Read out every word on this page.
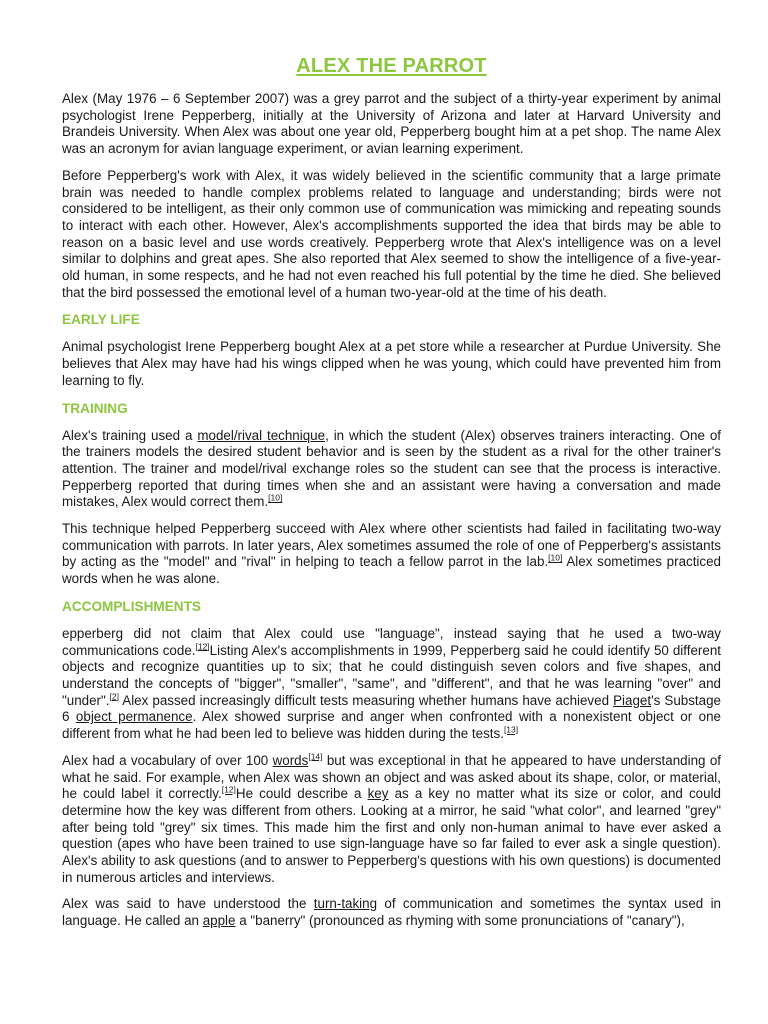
ALEX THE PARROT

Alex (May 1976 – 6 September 2007) was a grey parrot and the subject of a thirty-year experiment by animal psychologist Irene Pepperberg, initially at the University of Arizona and later at Harvard University and Brandeis University. When Alex was about one year old, Pepperberg bought him at a pet shop. The name Alex was an acronym for avian language experiment, or avian learning experiment.

Before Pepperberg's work with Alex, it was widely believed in the scientific community that a large primate brain was needed to handle complex problems related to language and understanding; birds were not considered to be intelligent, as their only common use of communication was mimicking and repeating sounds to interact with each other. However, Alex's accomplishments supported the idea that birds may be able to reason on a basic level and use words creatively. Pepperberg wrote that Alex's intelligence was on a level similar to dolphins and great apes. She also reported that Alex seemed to show the intelligence of a five-year-old human, in some respects, and he had not even reached his full potential by the time he died. She believed that the bird possessed the emotional level of a human two-year-old at the time of his death.

EARLY LIFE

Animal psychologist Irene Pepperberg bought Alex at a pet store while a researcher at Purdue University. She believes that Alex may have had his wings clipped when he was young, which could have prevented him from learning to fly.

TRAINING

Alex's training used a model/rival technique, in which the student (Alex) observes trainers interacting. One of the trainers models the desired student behavior and is seen by the student as a rival for the other trainer's attention. The trainer and model/rival exchange roles so the student can see that the process is interactive. Pepperberg reported that during times when she and an assistant were having a conversation and made mistakes, Alex would correct them.[10]

This technique helped Pepperberg succeed with Alex where other scientists had failed in facilitating two-way communication with parrots. In later years, Alex sometimes assumed the role of one of Pepperberg's assistants by acting as the "model" and "rival" in helping to teach a fellow parrot in the lab.[10] Alex sometimes practiced words when he was alone.

ACCOMPLISHMENTS

epperberg did not claim that Alex could use "language", instead saying that he used a two-way communications code.[12]Listing Alex's accomplishments in 1999, Pepperberg said he could identify 50 different objects and recognize quantities up to six; that he could distinguish seven colors and five shapes, and understand the concepts of "bigger", "smaller", "same", and "different", and that he was learning "over" and "under".[2] Alex passed increasingly difficult tests measuring whether humans have achieved Piaget's Substage 6 object permanence. Alex showed surprise and anger when confronted with a nonexistent object or one different from what he had been led to believe was hidden during the tests.[13]

Alex had a vocabulary of over 100 words[14] but was exceptional in that he appeared to have understanding of what he said. For example, when Alex was shown an object and was asked about its shape, color, or material, he could label it correctly.[12]He could describe a key as a key no matter what its size or color, and could determine how the key was different from others. Looking at a mirror, he said "what color", and learned "grey" after being told "grey" six times. This made him the first and only non-human animal to have ever asked a question (apes who have been trained to use sign-language have so far failed to ever ask a single question). Alex's ability to ask questions (and to answer to Pepperberg's questions with his own questions) is documented in numerous articles and interviews.

Alex was said to have understood the turn-taking of communication and sometimes the syntax used in language. He called an apple a "banerry" (pronounced as rhyming with some pronunciations of "canary"),
